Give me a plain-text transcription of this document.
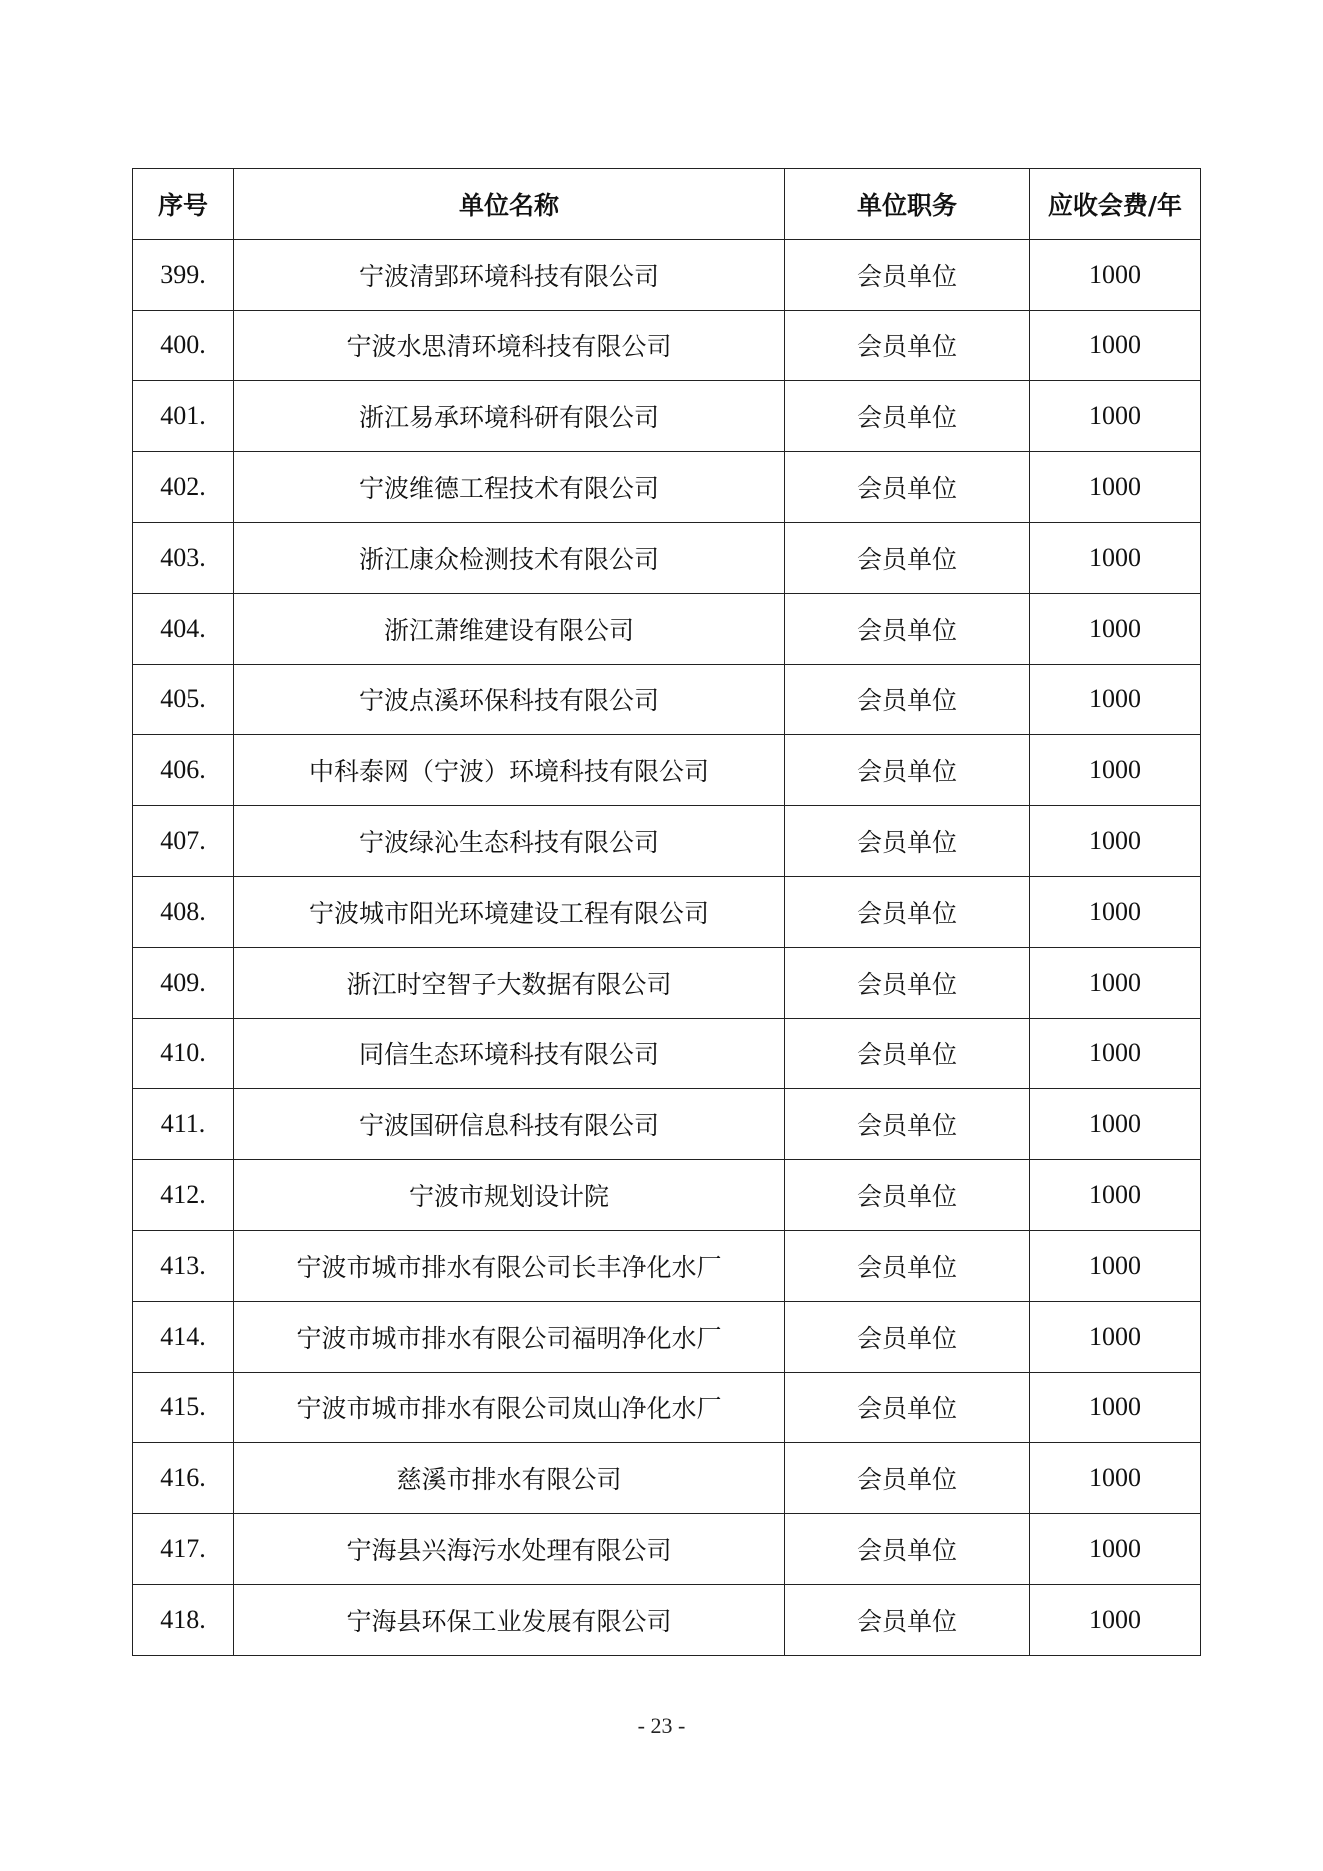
序号	单位名称	单位职务	应收会费/年
399.	宁波清郢环境科技有限公司	会员单位	1000
400.	宁波水思清环境科技有限公司	会员单位	1000
401.	浙江易承环境科研有限公司	会员单位	1000
402.	宁波维德工程技术有限公司	会员单位	1000
403.	浙江康众检测技术有限公司	会员单位	1000
404.	浙江萧维建设有限公司	会员单位	1000
405.	宁波点溪环保科技有限公司	会员单位	1000
406.	中科泰网（宁波）环境科技有限公司	会员单位	1000
407.	宁波绿沁生态科技有限公司	会员单位	1000
408.	宁波城市阳光环境建设工程有限公司	会员单位	1000
409.	浙江时空智子大数据有限公司	会员单位	1000
410.	同信生态环境科技有限公司	会员单位	1000
411.	宁波国研信息科技有限公司	会员单位	1000
412.	宁波市规划设计院	会员单位	1000
413.	宁波市城市排水有限公司长丰净化水厂	会员单位	1000
414.	宁波市城市排水有限公司福明净化水厂	会员单位	1000
415.	宁波市城市排水有限公司岚山净化水厂	会员单位	1000
416.	慈溪市排水有限公司	会员单位	1000
417.	宁海县兴海污水处理有限公司	会员单位	1000
418.	宁海县环保工业发展有限公司	会员单位	1000
- 23 -
